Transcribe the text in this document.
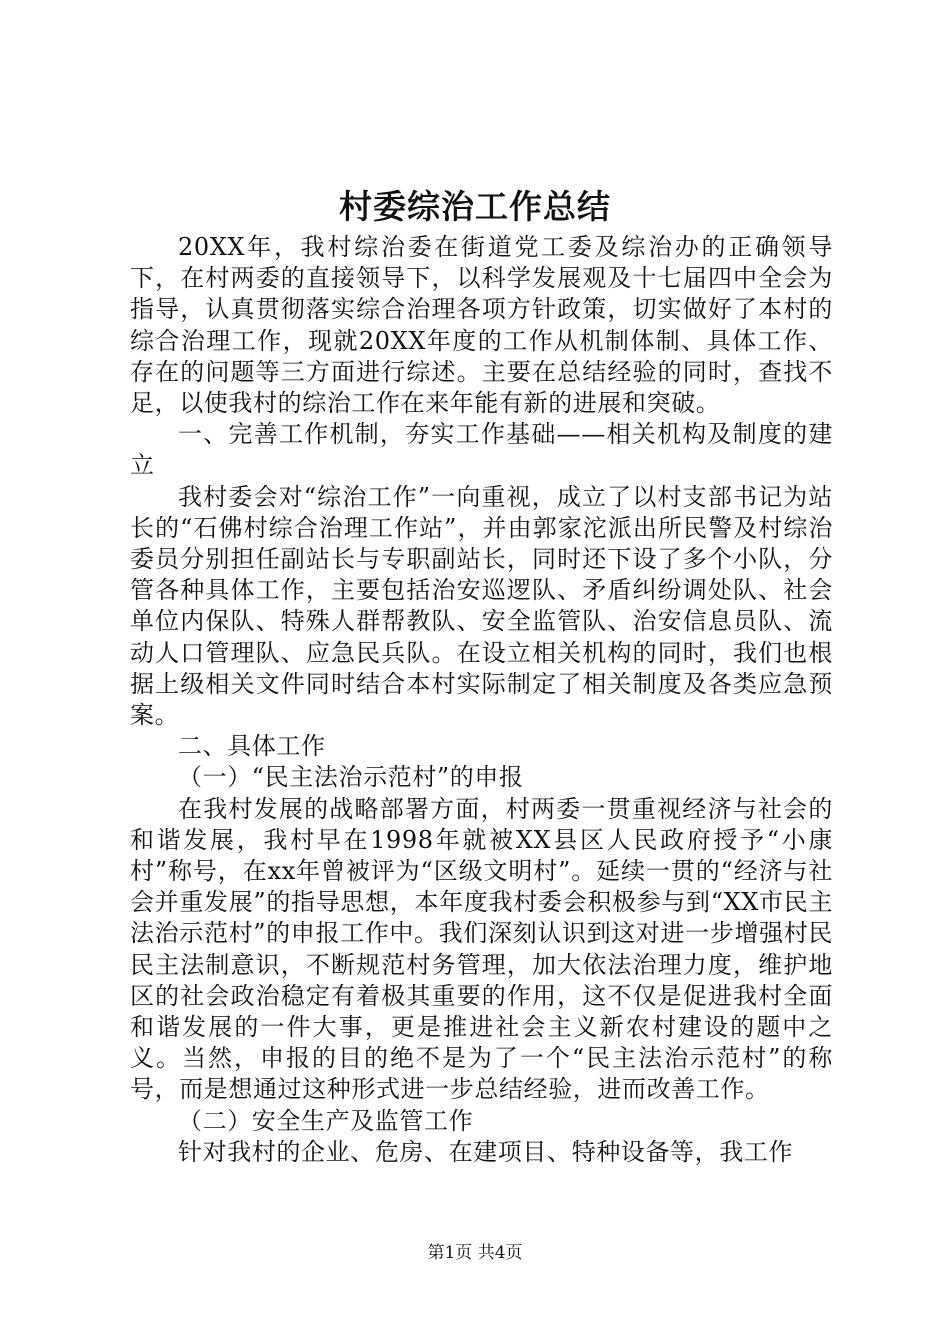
村委综治工作总结

20XX年，我村综治委在街道党工委及综治办的正确领导下，在村两委的直接领导下，以科学发展观及十七届四中全会为指导，认真贯彻落实综合治理各项方针政策，切实做好了本村的综合治理工作，现就20XX年度的工作从机制体制、具体工作、存在的问题等三方面进行综述。主要在总结经验的同时，查找不足，以使我村的综治工作在来年能有新的进展和突破。

一、完善工作机制，夯实工作基础——相关机构及制度的建立

我村委会对“综治工作”一向重视，成立了以村支部书记为站长的“石佛村综合治理工作站”，并由郭家沱派出所民警及村综治委员分别担任副站长与专职副站长，同时还下设了多个小队，分管各种具体工作，主要包括治安巡逻队、矛盾纠纷调处队、社会单位内保队、特殊人群帮教队、安全监管队、治安信息员队、流动人口管理队、应急民兵队。在设立相关机构的同时，我们也根据上级相关文件同时结合本村实际制定了相关制度及各类应急预案。

二、具体工作

（一）“民主法治示范村”的申报

在我村发展的战略部署方面，村两委一贯重视经济与社会的和谐发展，我村早在1998年就被XX县区人民政府授予“小康村”称号，在xx年曾被评为“区级文明村”。延续一贯的“经济与社会并重发展”的指导思想，本年度我村委会积极参与到“XX市民主法治示范村”的申报工作中。我们深刻认识到这对进一步增强村民民主法制意识，不断规范村务管理，加大依法治理力度，维护地区的社会政治稳定有着极其重要的作用，这不仅是促进我村全面和谐发展的一件大事，更是推进社会主义新农村建设的题中之义。当然，申报的目的绝不是为了一个“民主法治示范村”的称号，而是想通过这种形式进一步总结经验，进而改善工作。

（二）安全生产及监管工作

针对我村的企业、危房、在建项目、特种设备等，我工作

第1页 共4页
